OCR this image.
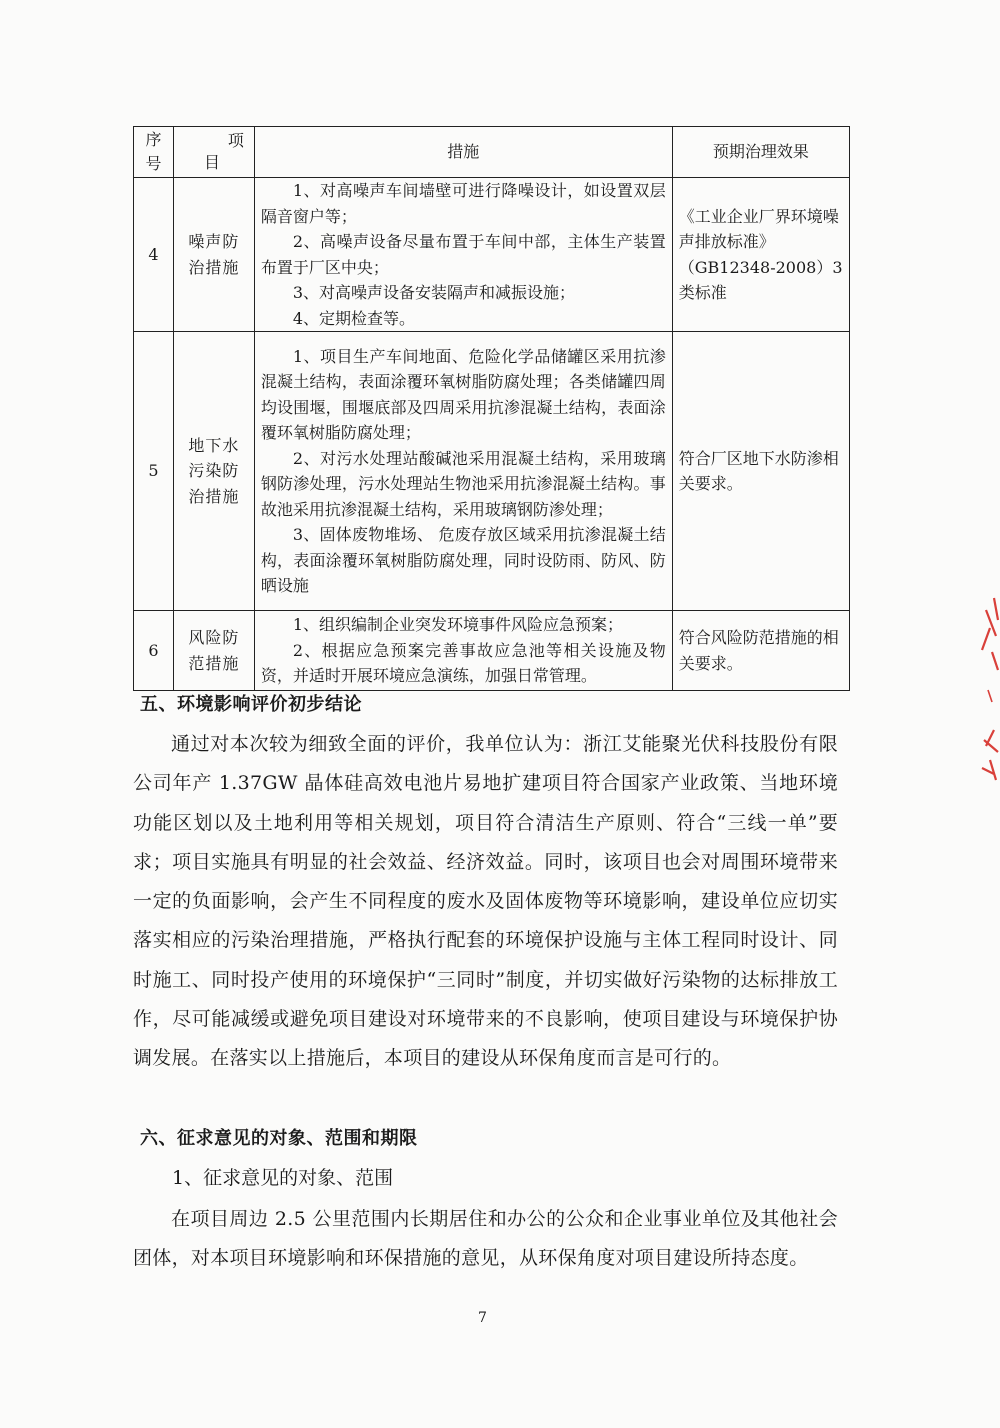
序
号	项
目	措施	预期治理效果
4	噪声防治措施	1、对高噪声车间墙壁可进行降噪设计，如设置双层隔音窗户等；
2、高噪声设备尽量布置于车间中部，主体生产装置布置于厂区中央；
3、对高噪声设备安装隔声和减振设施；
4、定期检查等。	《工业企业厂界环境噪声排放标准》（GB12348-2008）3类标准
5	地下水污染防治措施	1、项目生产车间地面、危险化学品储罐区采用抗渗混凝土结构，表面涂覆环氧树脂防腐处理；各类储罐四周均设围堰，围堰底部及四周采用抗渗混凝土结构，表面涂覆环氧树脂防腐处理；
2、对污水处理站酸碱池采用混凝土结构，采用玻璃钢防渗处理，污水处理站生物池采用抗渗混凝土结构。事故池采用抗渗混凝土结构，采用玻璃钢防渗处理；
3、固体废物堆场、 危废存放区域采用抗渗混凝土结构，表面涂覆环氧树脂防腐处理，同时设防雨、防风、防晒设施	符合厂区地下水防渗相关要求。
6	风险防范措施	1、组织编制企业突发环境事件风险应急预案；
2、根据应急预案完善事故应急池等相关设施及物资，并适时开展环境应急演练，加强日常管理。	符合风险防范措施的相关要求。
五、环境影响评价初步结论

通过对本次较为细致全面的评价，我单位认为：浙江艾能聚光伏科技股份有限公司年产 1.37GW 晶体硅高效电池片易地扩建项目符合国家产业政策、当地环境功能区划以及土地利用等相关规划，项目符合清洁生产原则、符合“三线一单”要求；项目实施具有明显的社会效益、经济效益。同时，该项目也会对周围环境带来一定的负面影响，会产生不同程度的废水及固体废物等环境影响，建设单位应切实落实相应的污染治理措施，严格执行配套的环境保护设施与主体工程同时设计、同时施工、同时投产使用的环境保护“三同时”制度，并切实做好污染物的达标排放工作，尽可能减缓或避免项目建设对环境带来的不良影响，使项目建设与环境保护协调发展。在落实以上措施后，本项目的建设从环保角度而言是可行的。

六、征求意见的对象、范围和期限

1、征求意见的对象、范围

在项目周边 2.5 公里范围内长期居住和办公的公众和企业事业单位及其他社会团体，对本项目环境影响和环保措施的意见，从环保角度对项目建设所持态度。

7
